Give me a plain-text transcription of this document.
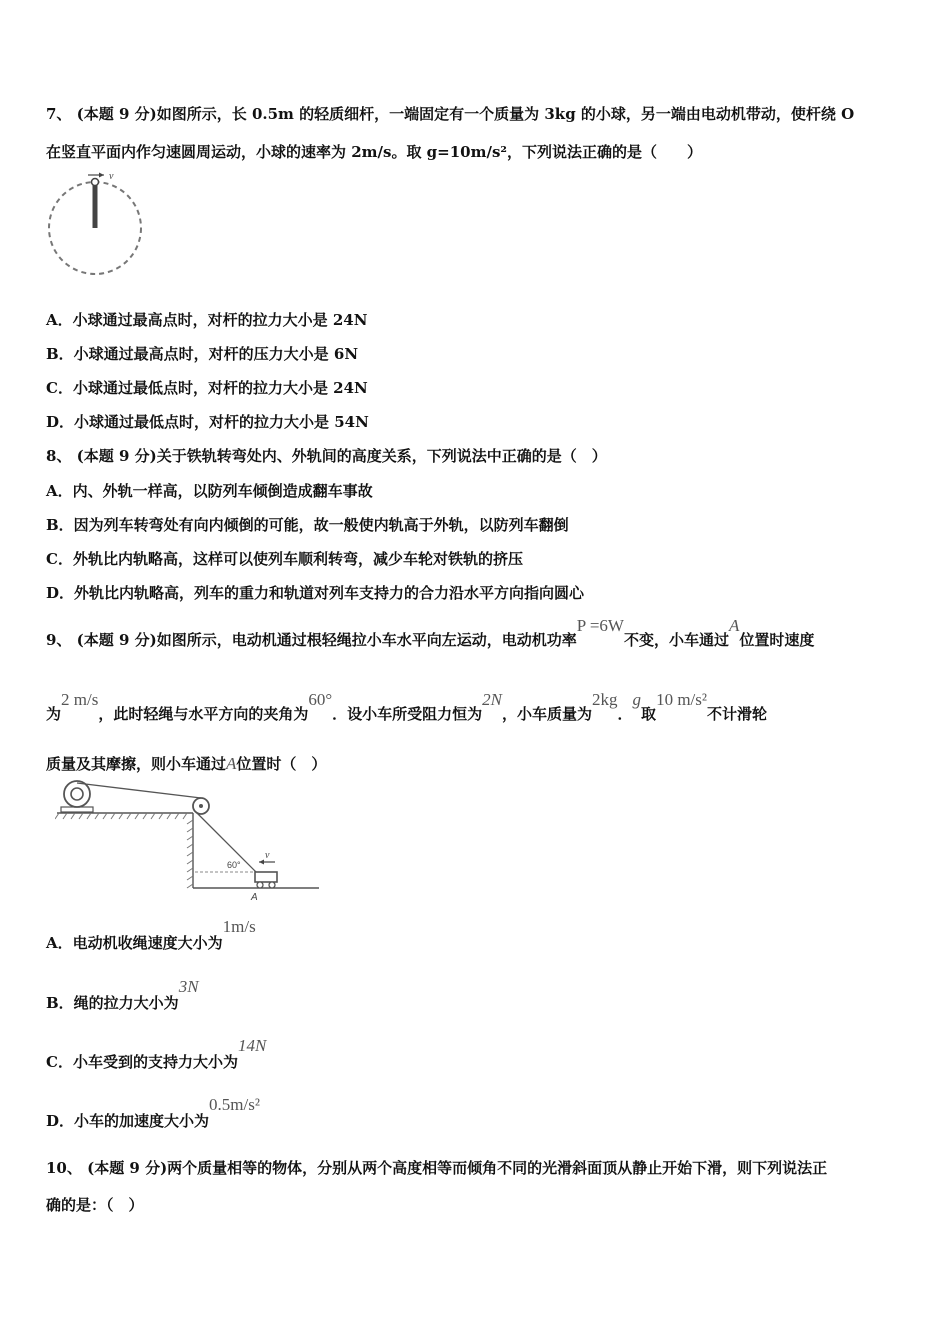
7、 (本题 9 分)如图所示，长 0.5m 的轻质细杆，一端固定有一个质量为 3kg 的小球，另一端由电动机带动，使杆绕 O
在竖直平面内作匀速圆周运动，小球的速率为 2m/s。取 g=10m/s²，下列说法正确的是（　　）
v
A．小球通过最高点时，对杆的拉力大小是 24N
B．小球通过最高点时，对杆的压力大小是 6N
C．小球通过最低点时，对杆的拉力大小是 24N
D．小球通过最低点时，对杆的拉力大小是 54N
8、 (本题 9 分)关于铁轨转弯处内、外轨间的高度关系，下列说法中正确的是（　）
A．内、外轨一样高，以防列车倾倒造成翻车事故
B．因为列车转弯处有向内倾倒的可能，故一般使内轨高于外轨，以防列车翻倒
C．外轨比内轨略高，这样可以使列车顺利转弯，减少车轮对铁轨的挤压
D．外轨比内轨略高，列车的重力和轨道对列车支持力的合力沿水平方向指向圆心
9、 (本题 9 分)如图所示，电动机通过根轻绳拉小车水平向左运动，电动机功率P =6W不变，小车通过A位置时速度
为2 m/s，此时轻绳与水平方向的夹角为60°．设小车所受阻力恒为2N，小车质量为2kg．g取10 m/s²不计滑轮
质量及其摩擦，则小车通过A位置时（　）
60°
v
A
A．电动机收绳速度大小为1m/s
B．绳的拉力大小为3N
C．小车受到的支持力大小为14N
D．小车的加速度大小为0.5m/s²
10、 (本题 9 分)两个质量相等的物体，分别从两个高度相等而倾角不同的光滑斜面顶从静止开始下滑，则下列说法正
确的是：（　）
